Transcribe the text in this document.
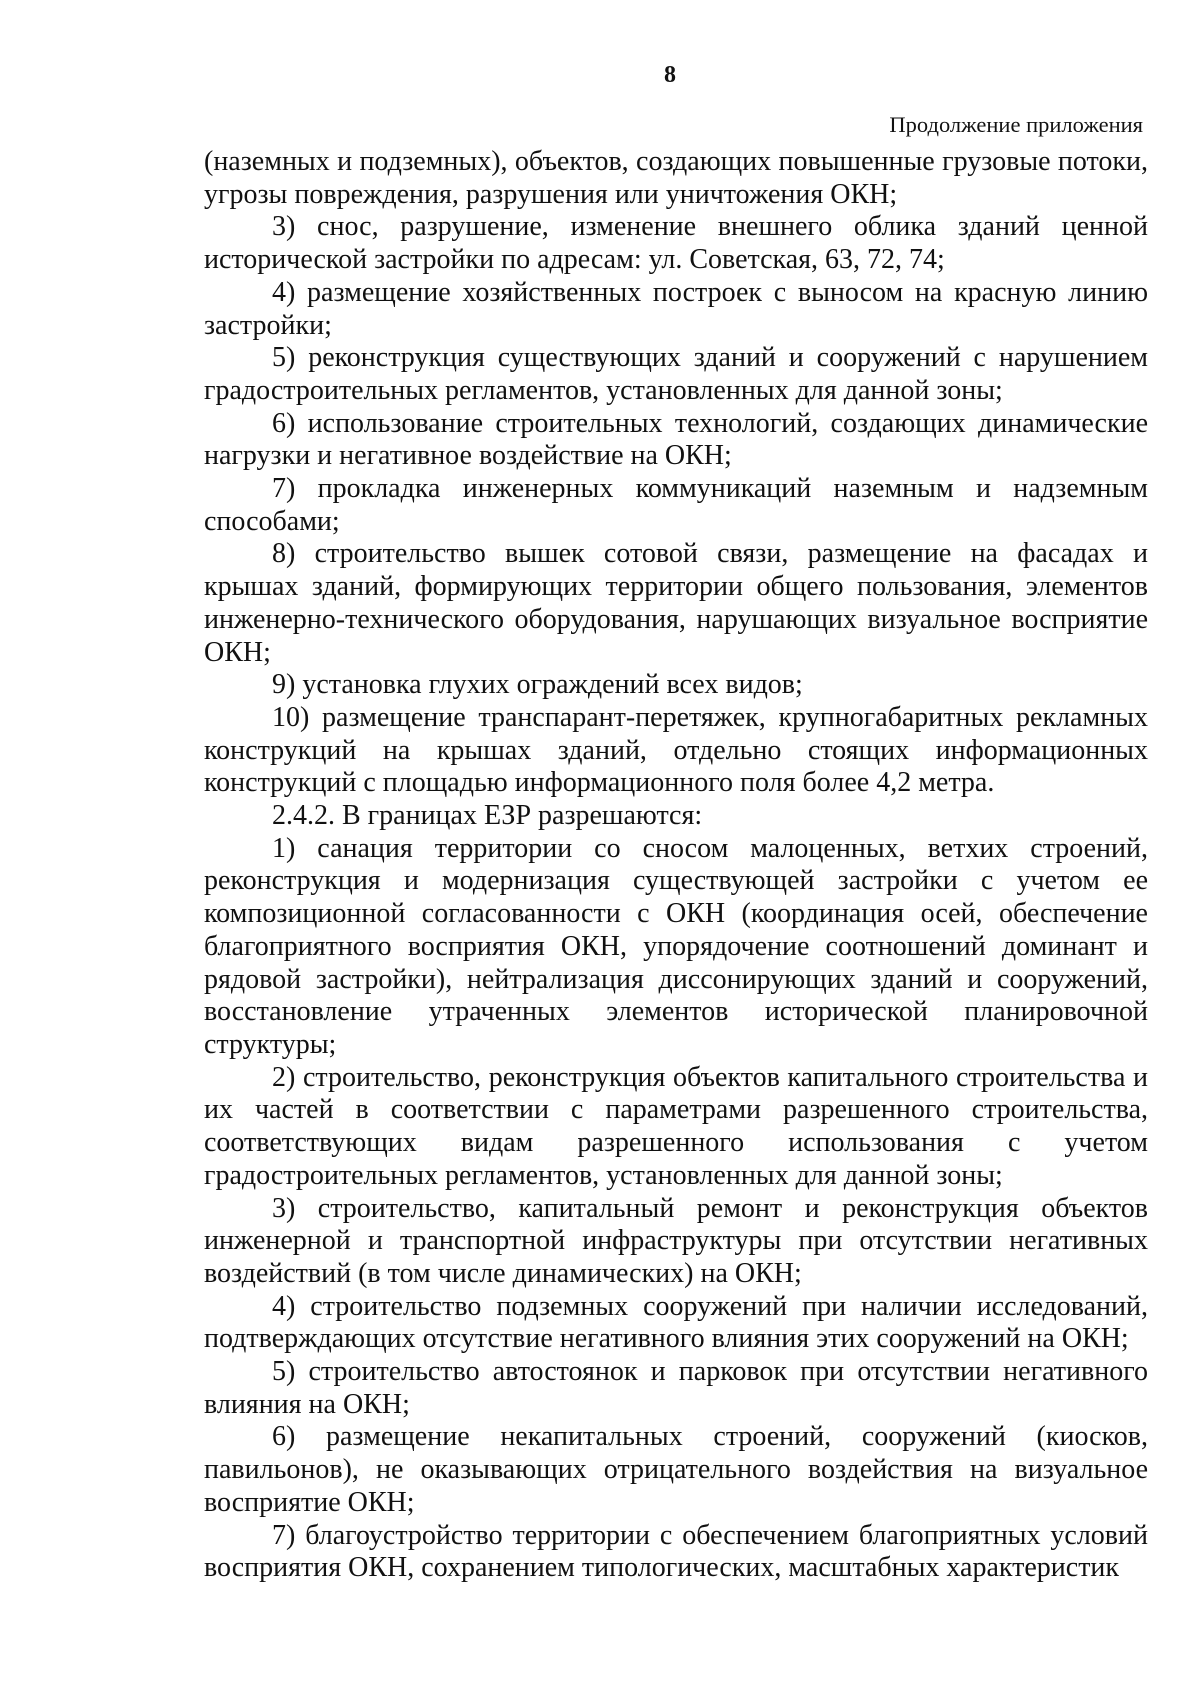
8
Продолжение приложения

(наземных и подземных), объектов, создающих повышенные грузовые потоки, угрозы повреждения, разрушения или уничтожения ОКН;

3) снос, разрушение, изменение внешнего облика зданий ценной исторической застройки по адресам: ул. Советская, 63, 72, 74;

4) размещение хозяйственных построек с выносом на красную линию застройки;

5) реконструкция существующих зданий и сооружений с нарушением градостроительных регламентов, установленных для данной зоны;

6) использование строительных технологий, создающих динамические нагрузки и негативное воздействие на ОКН;

7) прокладка инженерных коммуникаций наземным и надземным способами;

8) строительство вышек сотовой связи, размещение на фасадах и крышах зданий, формирующих территории общего пользования, элементов инженерно-технического оборудования, нарушающих визуальное восприятие ОКН;

9) установка глухих ограждений всех видов;

10) размещение транспарант-перетяжек, крупногабаритных рекламных конструкций на крышах зданий, отдельно стоящих информационных конструкций с площадью информационного поля более 4,2 метра.

2.4.2. В границах ЕЗР разрешаются:

1) санация территории со сносом малоценных, ветхих строений, реконструкция и модернизация существующей застройки с учетом ее композиционной согласованности с ОКН (координация осей, обеспечение благоприятного восприятия ОКН, упорядочение соотношений доминант и рядовой застройки), нейтрализация диссонирующих зданий и сооружений, восстановление утраченных элементов исторической планировочной структуры;

2) строительство, реконструкция объектов капитального строительства и их частей в соответствии с параметрами разрешенного строительства, соответствующих видам разрешенного использования с учетом градостроительных регламентов, установленных для данной зоны;

3) строительство, капитальный ремонт и реконструкция объектов инженерной и транспортной инфраструктуры при отсутствии негативных воздействий (в том числе динамических) на ОКН;

4) строительство подземных сооружений при наличии исследований, подтверждающих отсутствие негативного влияния этих сооружений на ОКН;

5) строительство автостоянок и парковок при отсутствии негативного влияния на ОКН;

6) размещение некапитальных строений, сооружений (киосков, павильонов), не оказывающих отрицательного воздействия на визуальное восприятие ОКН;

7) благоустройство территории с обеспечением благоприятных условий восприятия ОКН, сохранением типологических, масштабных характеристик
